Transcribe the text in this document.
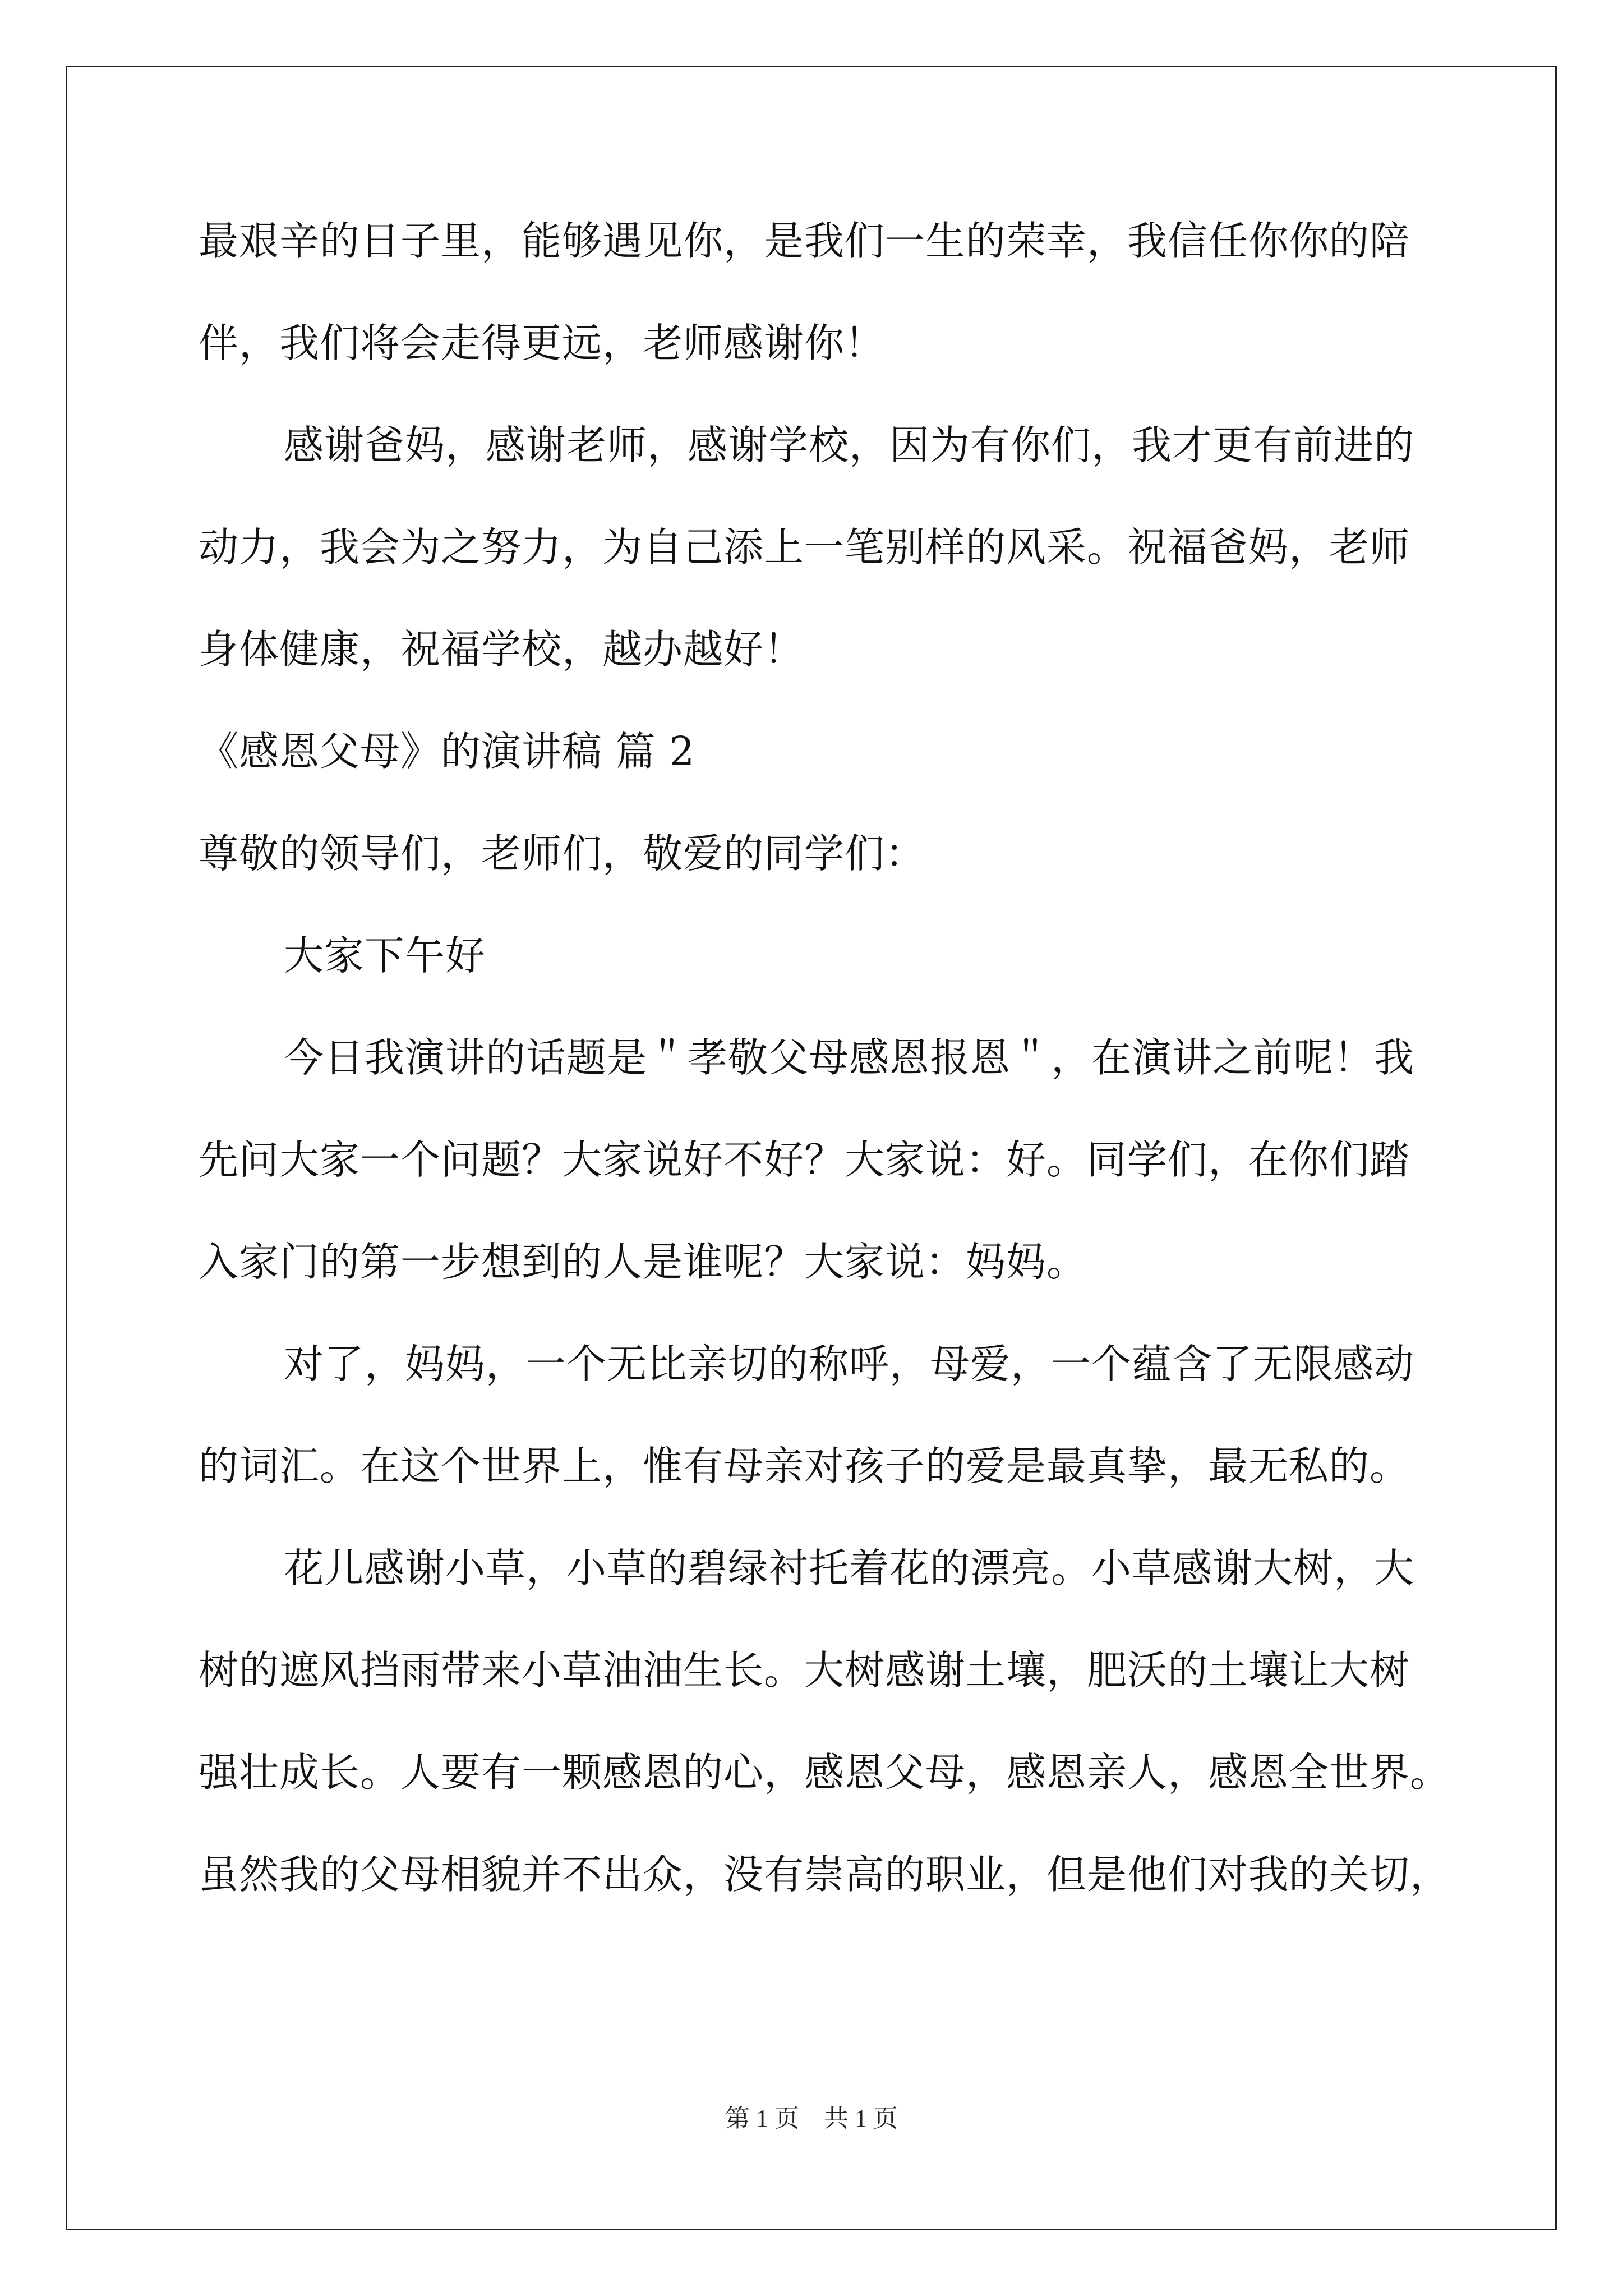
最艰辛的日子里，能够遇见你，是我们一生的荣幸，我信任你你的陪

伴，我们将会走得更远，老师感谢你！

感谢爸妈，感谢老师，感谢学校，因为有你们，我才更有前进的

动力，我会为之努力，为自己添上一笔别样的风采。祝福爸妈，老师

身体健康，祝福学校，越办越好！

《感恩父母》的演讲稿 篇 2

尊敬的领导们，老师们，敬爱的同学们：

大家下午好

今日我演讲的话题是＂孝敬父母感恩报恩＂，在演讲之前呢！我

先问大家一个问题？大家说好不好？大家说：好。同学们，在你们踏

入家门的第一步想到的人是谁呢？大家说：妈妈。

对了，妈妈，一个无比亲切的称呼，母爱，一个蕴含了无限感动

的词汇。在这个世界上，惟有母亲对孩子的爱是最真挚，最无私的。

花儿感谢小草，小草的碧绿衬托着花的漂亮。小草感谢大树，大

树的遮风挡雨带来小草油油生长。大树感谢土壤，肥沃的土壤让大树

强壮成长。人要有一颗感恩的心，感恩父母，感恩亲人，感恩全世界。

虽然我的父母相貌并不出众，没有崇高的职业，但是他们对我的关切，

第 1 页　共 1 页
